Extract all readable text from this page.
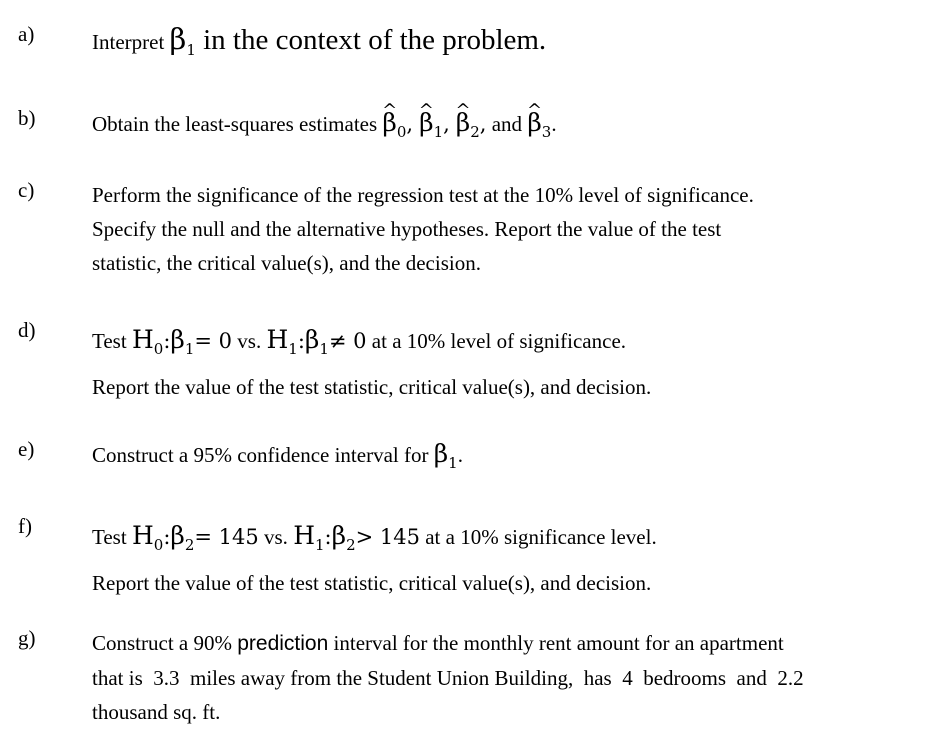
a)	Interpret $\beta_1$ in the context of the problem.
b)	Obtain the least-squares estimates ^ $\beta_0,\^{}$ $\beta_1,\^{}$ $\beta_2$, and ^ $\beta_3$.
c)	Perform the significance of the regression test at the 10% level of significance.
Specify the null and the alternative hypotheses. Report the value of the test
statistic, the critical value(s), and the decision.
d)	Test $H_0:\beta_1= 0$ vs. $H_1:\beta_1\ne 0$ at a 10% level of significance.
Report the value of the test statistic, critical value(s), and decision.
e)	Construct a 95% confidence interval for $\beta_1$.
f)	Test $H_0:\beta_2= 145$ vs. $H_1:\beta_2> 145$ at a 10% significance level.
Report the value of the test statistic, critical value(s), and decision.
g)	Construct a 90% prediction interval for the monthly rent amount for an apartment
that is  3.3  miles away from the Student Union Building,  has  4  bedrooms  and  2.2
thousand sq. ft.
